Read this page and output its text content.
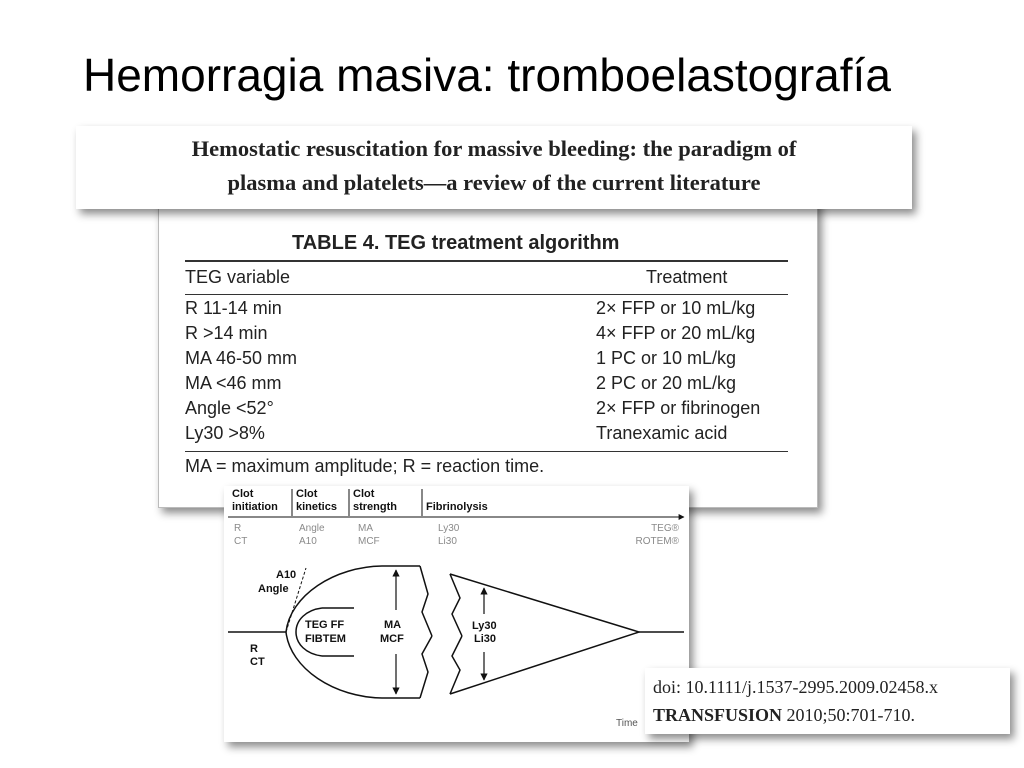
Hemorragia masiva: tromboelastografía
Hemostatic resuscitation for massive bleeding: the paradigm of
plasma and platelets—a review of the current literature
TABLE 4. TEG treatment algorithm
TEG variable	Treatment
R 11-14 min	2× FFP or 10 mL/kg
R >14 min	4× FFP or 20 mL/kg
MA 46-50 mm	1 PC or 10 mL/kg
MA <46 mm	2 PC or 20 mL/kg
Angle <52°	2× FFP or fibrinogen
Ly30 >8%	Tranexamic acid
MA = maximum amplitude; R = reaction time.
Clot
initiation
Clot
kinetics
Clot
strength	Fibrinolysis
R
CT
Angle
A10
MA
MCF
Ly30
Li30
TEG®
ROTEM®
A10
Angle
R
CT
TEG FF
FIBTEM
MA
MCF
Ly30
Li30
Time
doi: 10.1111/j.1537-2995.2009.02458.x
TRANSFUSION 2010;50:701-710.
